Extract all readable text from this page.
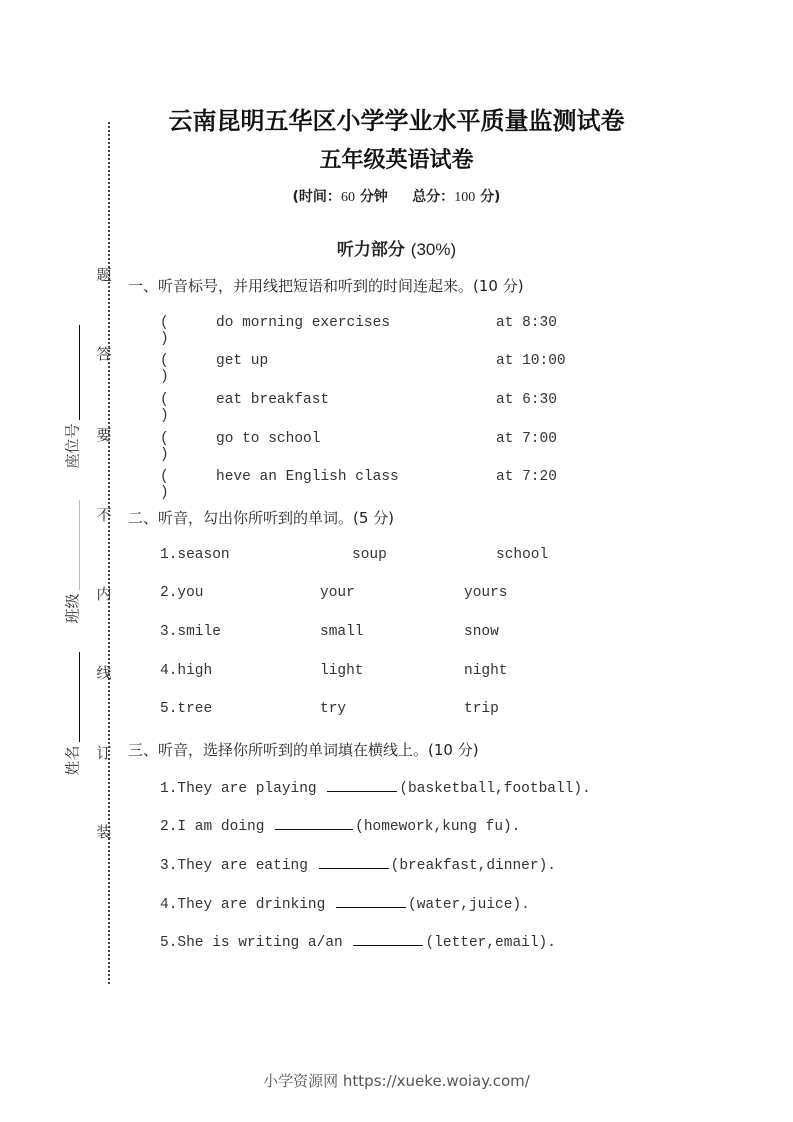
云南昆明五华区小学学业水平质量监测试卷
五年级英语试卷
(时间：60 分钟 总分：100 分)
听力部分 (30%)
题
答
要
不
内
线
订
装
座位号
班级
姓名
一、听音标号，并用线把短语和听到的时间连起来。(10 分)
( )
do morning exercises	at 8:30
( )
get up	at 10:00
( )
eat breakfast	at 6:30
( )
go to school	at 7:00
( )
heve an English class	at 7:20
二、听音，勾出你所听到的单词。(5 分)
1.season	soup	school
2.you	your	yours
3.smile	small	snow
4.high	light	night
5.tree	try	trip
三、听音，选择你所听到的单词填在横线上。(10 分)
1.They are playing	(basketball,football).
2.I am doing	(homework,kung fu).
3.They are eating	(breakfast,dinner).
4.They are drinking	(water,juice).
5.She is writing a/an	(letter,email).
小学资源网 https://xueke.woiay.com/
